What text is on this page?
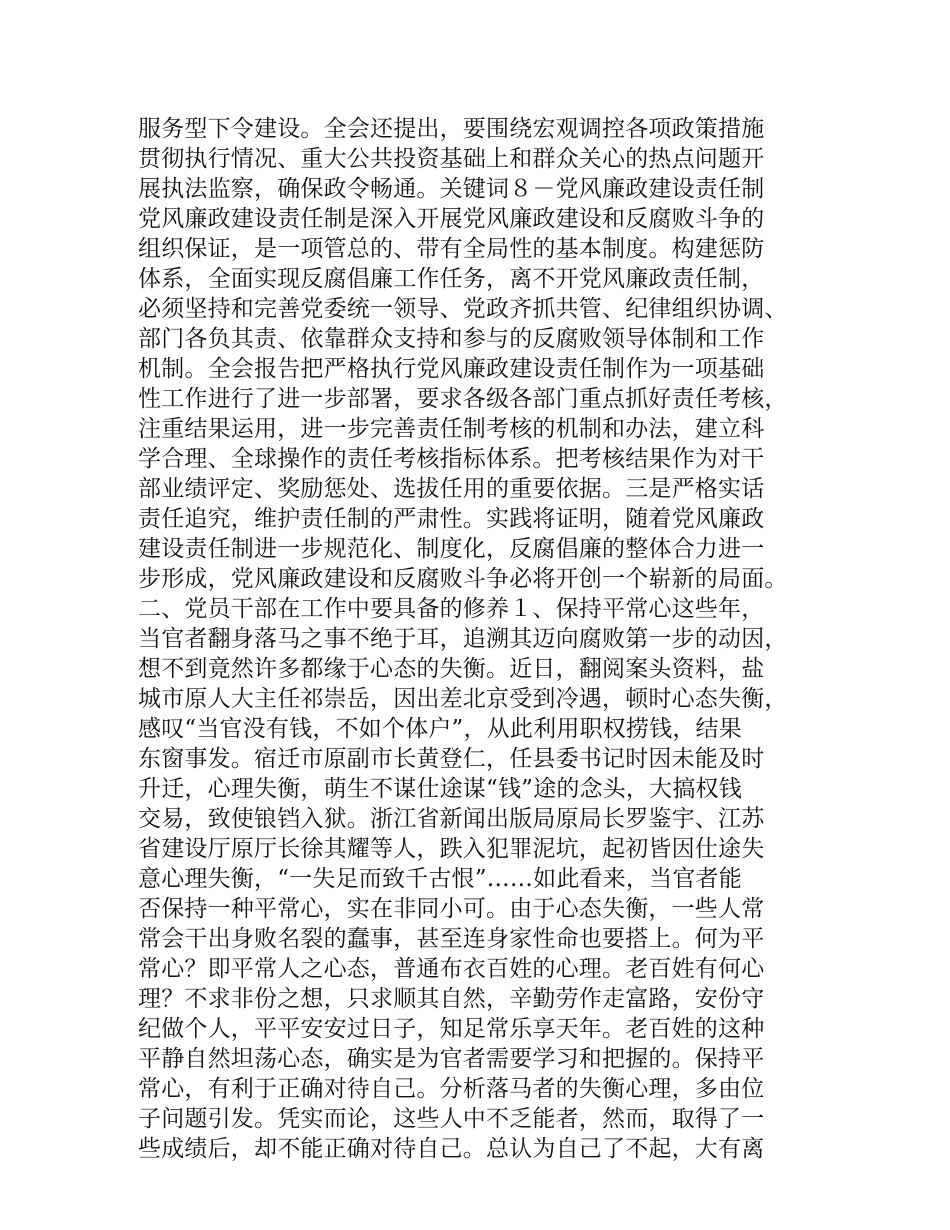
服务型下令建设。全会还提出，要围绕宏观调控各项政策措施
贯彻执行情况、重大公共投资基础上和群众关心的热点问题开
展执法监察，确保政令畅通。关键词８－党风廉政建设责任制
党风廉政建设责任制是深入开展党风廉政建设和反腐败斗争的
组织保证，是一项管总的、带有全局性的基本制度。构建惩防
体系，全面实现反腐倡廉工作任务，离不开党风廉政责任制，
必须坚持和完善党委统一领导、党政齐抓共管、纪律组织协调、
部门各负其责、依靠群众支持和参与的反腐败领导体制和工作
机制。全会报告把严格执行党风廉政建设责任制作为一项基础
性工作进行了进一步部署，要求各级各部门重点抓好责任考核，
注重结果运用，进一步完善责任制考核的机制和办法，建立科
学合理、全球操作的责任考核指标体系。把考核结果作为对干
部业绩评定、奖励惩处、选拔任用的重要依据。三是严格实话
责任追究，维护责任制的严肃性。实践将证明，随着党风廉政
建设责任制进一步规范化、制度化，反腐倡廉的整体合力进一
步形成，党风廉政建设和反腐败斗争必将开创一个崭新的局面。
二、党员干部在工作中要具备的修养１、保持平常心这些年，
当官者翻身落马之事不绝于耳，追溯其迈向腐败第一步的动因，
想不到竟然许多都缘于心态的失衡。近日，翻阅案头资料，盐
城市原人大主任祁崇岳，因出差北京受到冷遇，顿时心态失衡，
感叹“当官没有钱，不如个体户”，从此利用职权捞钱，结果
东窗事发。宿迁市原副市长黄登仁，任县委书记时因未能及时
升迁，心理失衡，萌生不谋仕途谋“钱”途的念头，大搞权钱
交易，致使锒铛入狱。浙江省新闻出版局原局长罗鉴宇、江苏
省建设厅原厅长徐其耀等人，跌入犯罪泥坑，起初皆因仕途失
意心理失衡，“一失足而致千古恨”……如此看来，当官者能
否保持一种平常心，实在非同小可。由于心态失衡，一些人常
常会干出身败名裂的蠢事，甚至连身家性命也要搭上。何为平
常心？即平常人之心态，普通布衣百姓的心理。老百姓有何心
理？不求非份之想，只求顺其自然，辛勤劳作走富路，安份守
纪做个人，平平安安过日子，知足常乐享天年。老百姓的这种
平静自然坦荡心态，确实是为官者需要学习和把握的。保持平
常心，有利于正确对待自己。分析落马者的失衡心理，多由位
子问题引发。凭实而论，这些人中不乏能者，然而，取得了一
些成绩后，却不能正确对待自己。总认为自己了不起，大有离
